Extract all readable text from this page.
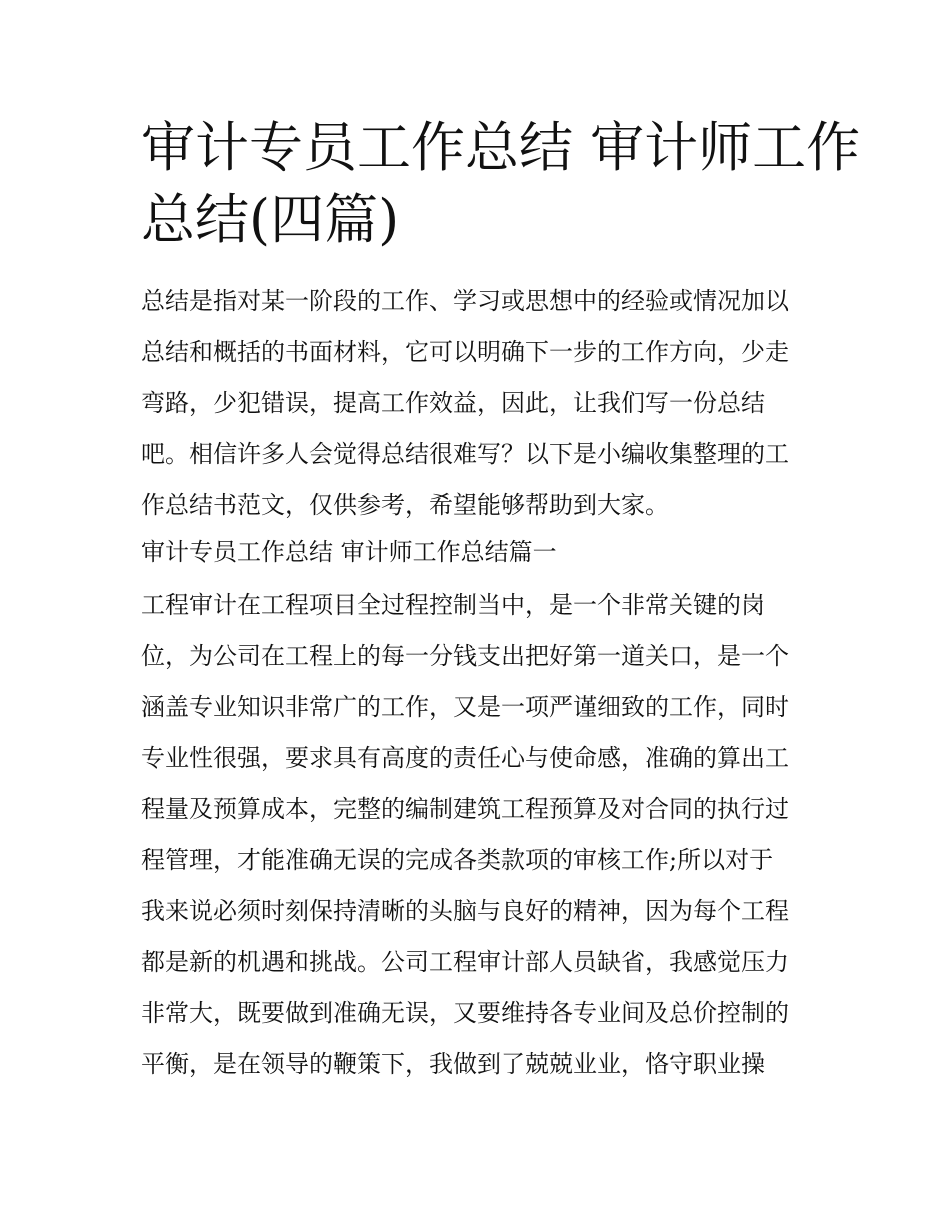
审计专员工作总结 审计师工作
总结(四篇)
总结是指对某一阶段的工作、学习或思想中的经验或情况加以
总结和概括的书面材料，它可以明确下一步的工作方向，少走
弯路，少犯错误，提高工作效益，因此，让我们写一份总结
吧。相信许多人会觉得总结很难写？以下是小编收集整理的工
作总结书范文，仅供参考，希望能够帮助到大家。
审计专员工作总结 审计师工作总结篇一
工程审计在工程项目全过程控制当中，是一个非常关键的岗
位，为公司在工程上的每一分钱支出把好第一道关口，是一个
涵盖专业知识非常广的工作，又是一项严谨细致的工作，同时
专业性很强，要求具有高度的责任心与使命感，准确的算出工
程量及预算成本，完整的编制建筑工程预算及对合同的执行过
程管理，才能准确无误的完成各类款项的审核工作;所以对于
我来说必须时刻保持清晰的头脑与良好的精神，因为每个工程
都是新的机遇和挑战。公司工程审计部人员缺省，我感觉压力
非常大，既要做到准确无误，又要维持各专业间及总价控制的
平衡，是在领导的鞭策下，我做到了兢兢业业，恪守职业操
